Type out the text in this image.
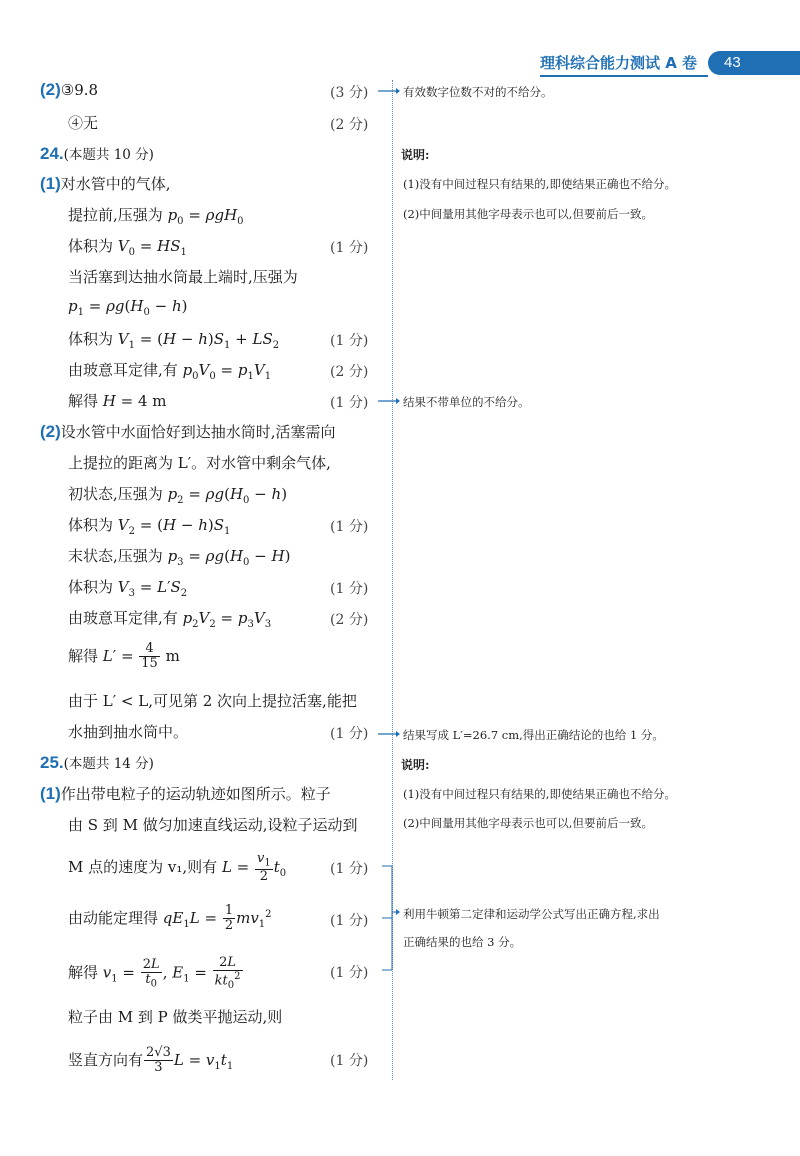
理科综合能力测试 A 卷	43
(2)③9.8	(3 分)	有效数字位数不对的不给分。
④无	(2 分)
24.(本题共 10 分)	说明:
(1)对水管中的气体,	(1)没有中间过程只有结果的,即使结果正确也不给分。
提拉前,压强为 $p_0 = \rho gH_0$
(2)中间量用其他字母表示也可以,但要前后一致。
体积为 $V_0 = HS_1$	(1 分)
当活塞到达抽水筒最上端时,压强为
$p_1 = \rho g(H_0 - h)$
体积为 $V_1 = (H - h)S_1 + LS_2$	(1 分)
由玻意耳定律,有 $p_0V_0 = p_1V_1$	(2 分)
解得 H = 4 m	(1 分)	结果不带单位的不给分。
(2)设水管中水面恰好到达抽水筒时,活塞需向
上提拉的距离为 L′。对水管中剩余气体,
初状态,压强为 $p_2 = \rho g(H_0 - h)$
体积为 $V_2 = (H - h)S_1$	(1 分)
末状态,压强为 $p_3 = \rho g(H_0 - H)$
体积为 $V_3 = L'S_2$	(1 分)
由玻意耳定律,有 $p_2V_2 = p_3V_3$	(2 分)
解得 $L' = \frac{4}{15}$ m
由于 L′ < L,可见第 2 次向上提拉活塞,能把
水抽到抽水筒中。	(1 分)	结果写成 L′=26.7 cm,得出正确结论的也给 1 分。
25.(本题共 14 分)	说明:
(1)作出带电粒子的运动轨迹如图所示。粒子	(1)没有中间过程只有结果的,即使结果正确也不给分。
由 S 到 M 做匀加速直线运动,设粒子运动到	(2)中间量用其他字母表示也可以,但要前后一致。
M 点的速度为 v₁,则有 $L = \frac{v_1}{2} t_0$	(1 分)
由动能定理得 $qE_1L = \frac{1}{2} mv_1^2$	(1 分)	利用牛顿第二定律和运动学公式写出正确方程,求出
正确结果的也给 3 分。
解得 $v_1 = \frac{2L}{t_0}$ , $E_1 = \frac{2L}{kt_0^2}$	(1 分)
粒子由 M 到 P 做类平抛运动,则
竖直方向有 $\frac{2√3}{3}$ $L = v_1t_1$	(1 分)
